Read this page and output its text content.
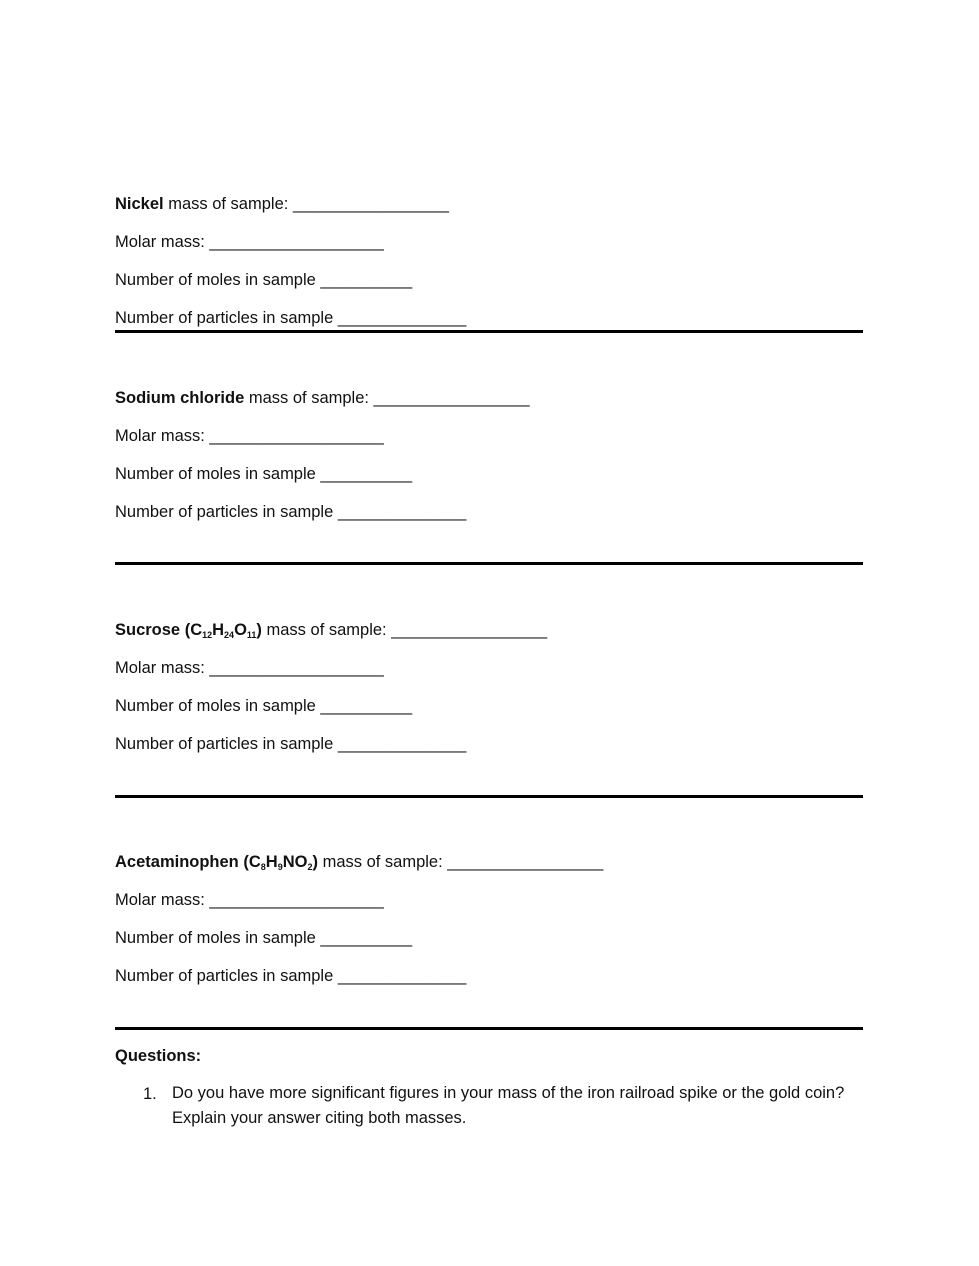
Nickel mass of sample: _________________
Molar mass: ___________________
Number of moles in sample __________
Number of particles in sample ______________
Sodium chloride mass of sample: _________________
Molar mass: ___________________
Number of moles in sample __________
Number of particles in sample ______________
Sucrose $(C_{12}H_{24}O_{11})$ mass of sample: _________________
Molar mass: ___________________
Number of moles in sample __________
Number of particles in sample ______________
Acetaminophen $(C_8H_9NO_2)$ mass of sample: _________________
Molar mass: ___________________
Number of moles in sample __________
Number of particles in sample ______________
Questions:
1. Do you have more significant figures in your mass of the iron railroad spike or the gold coin? Explain your answer citing both masses.
